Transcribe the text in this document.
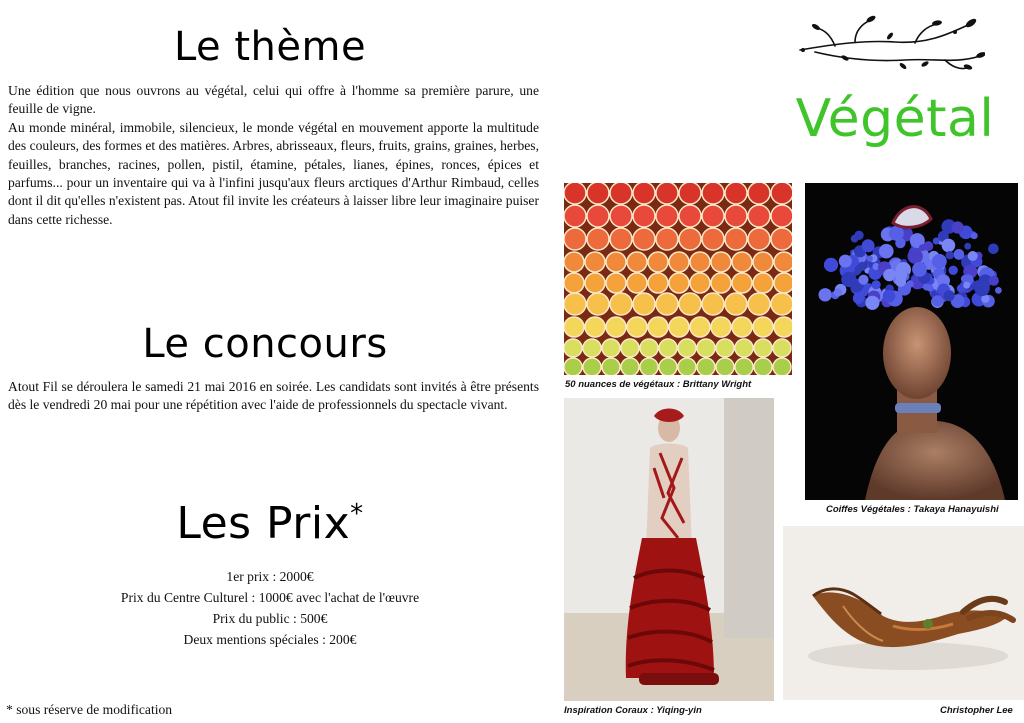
Le thème

Une édition que nous ouvrons au végétal, celui qui offre à l'homme sa première parure, une feuille de vigne.

Au monde minéral, immobile, silencieux, le monde végétal en mouvement apporte la multitude des couleurs, des formes et des matières. Arbres, abrisseaux, fleurs, fruits, grains, graines, herbes, feuilles, branches, racines, pollen, pistil, étamine, pétales, lianes, épines, ronces, épices et parfums... pour un inventaire qui va à l'infini jusqu'aux fleurs arctiques d'Arthur Rimbaud, celles dont il dit qu'elles n'existent pas. Atout fil invite les créateurs à laisser libre leur imaginaire puiser dans cette richesse.

Le concours

Atout Fil se déroulera le samedi 21 mai 2016 en soirée. Les candidats sont invités à être présents dès le vendredi 20 mai pour une répétition avec l'aide de professionnels du spectacle vivant.

Les Prix*

1er prix : 2000€

Prix du Centre Culturel : 1000€ avec l'achat de l'œuvre

Prix du public : 500€

Deux mentions spéciales : 200€

* sous réserve de modification
Végétal
50 nuances de végétaux : Brittany Wright
Coiffes Végétales : Takaya Hanayuishi
Inspiration Coraux : Yiqing-yin	Christopher Lee
